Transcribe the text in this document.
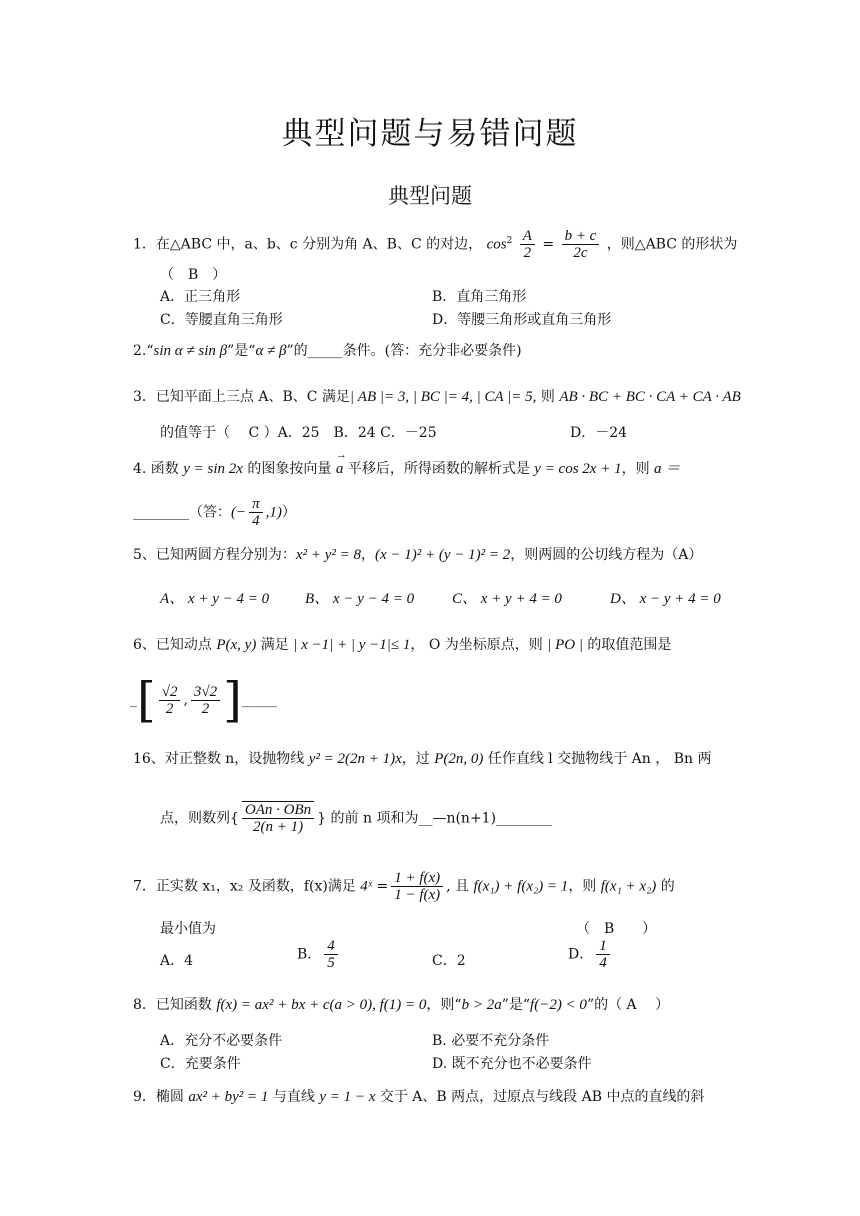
典型问题与易错问题
典型问题
1．在△ABC 中，a、b、c 分别为角 A、B、C 的对边， $\cos^2 \frac{A}{2} = \frac{b + c}{2c}$ ，则△ABC 的形状为
（　B　）
A．正三角形	B．直角三角形
C．等腰直角三角形	D．等腰三角形或直角三角形
2.“sin α ≠ sin β”是“α ≠ β”的_____条件。(答：充分非必要条件)
3．已知平面上三点 A、B、C 满足| AB |= 3, | BC |= 4, | CA |= 5, 则 AB · BC + BC · CA + CA · AB
的值等于（　 C ）A．25　B．24 C．－25	D．－24
4. 函数 y = sin 2x 的图象按向量 → a 平移后，所得函数的解析式是 y = cos 2x + 1，则 a ＝
________（答：(− $\frac{\pi}{4} ,1$)）
5、已知两圆方程分别为：x² + y² = 8，(x − 1)² + (y − 1)² = 2，则两圆的公切线方程为（A）
A、 x + y − 4 = 0 B、 x − y − 4 = 0	C、 x + y + 4 = 0	D、 x − y + 4 = 0
6、已知动点 P(x, y) 满足 | x −1| + | y −1|≤ 1， O 为坐标原点，则 | PO | 的取值范围是
_[ $\frac{√2}{2}$ , $\frac{3√2}{2}$ ]_____
16、对正整数 n，设抛物线 y² = 2(2n + 1)x，过 P(2n, 0) 任作直线 l 交抛物线于 An ， Bn 两
点，则数列{ $\frac{\text{OAn · OBn}}{2(n + 1)}$ } 的前 n 项和为__—n(n+1)________
7．正实数 x₁，x₂ 及函数，f(x)满足 4ˣ = $\frac{1 + f(x)}{1 - f(x)}$ , 且 f(x₁) + f(x₂) = 1，则 f(x₁ + x₂) 的
最小值为	（　B　　）
A．4	B． $\frac{4}{5}$	C．2	D． $\frac{1}{4}$
8．已知函数 f(x) = ax² + bx + c(a > 0), f(1) = 0，则“b > 2a”是“f(−2) < 0”的（ A　 ）
A．充分不必要条件	B. 必要不充分条件
C．充要条件	D. 既不充分也不必要条件
9．椭圆 ax² + by² = 1 与直线 y = 1 − x 交于 A、B 两点，过原点与线段 AB 中点的直线的斜
